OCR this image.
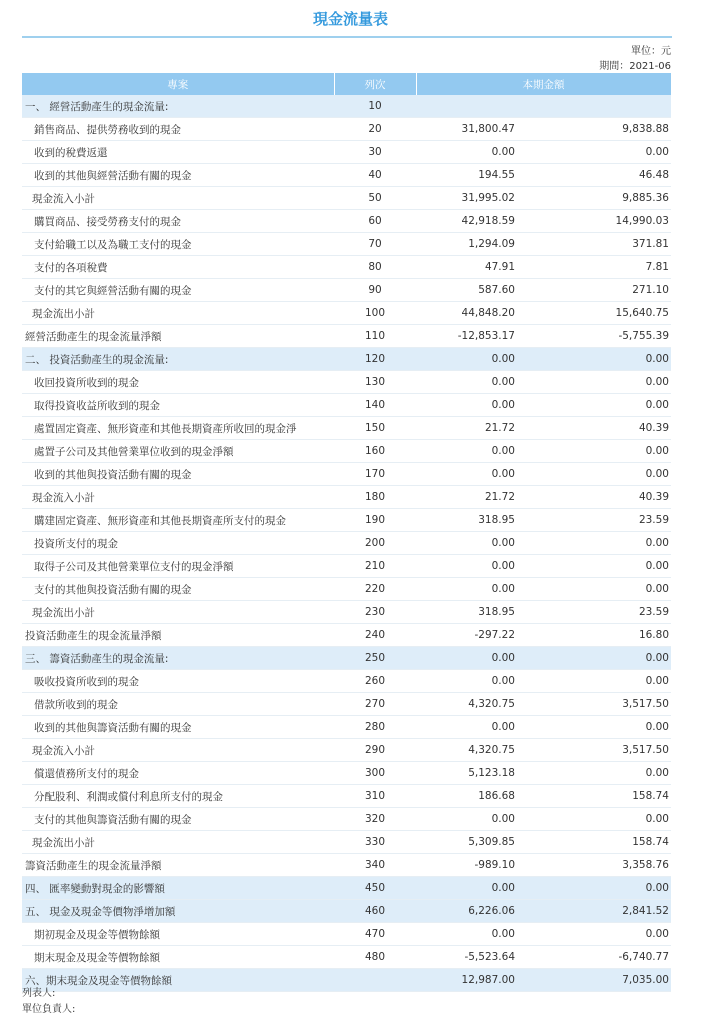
現金流量表
單位：元
期間：2021-06
專案	列次	本期金額	
一、 經營活動產生的現金流量:	10		
銷售商品、提供勞務收到的現金	20	31,800.47	9,838.88
收到的稅費返還	30	0.00	0.00
收到的其他與經營活動有關的現金	40	194.55	46.48
現金流入小計	50	31,995.02	9,885.36
購買商品、接受勞務支付的現金	60	42,918.59	14,990.03
支付給職工以及為職工支付的現金	70	1,294.09	371.81
支付的各項稅費	80	47.91	7.81
支付的其它與經營活動有關的現金	90	587.60	271.10
現金流出小計	100	44,848.20	15,640.75
經營活動產生的現金流量淨額	110	-12,853.17	-5,755.39
二、 投資活動產生的現金流量:	120	0.00	0.00
收回投資所收到的現金	130	0.00	0.00
取得投資收益所收到的現金	140	0.00	0.00
處置固定資產、無形資產和其他長期資產所收回的現金淨	150	21.72	40.39
處置子公司及其他營業單位收到的現金淨額	160	0.00	0.00
收到的其他與投資活動有關的現金	170	0.00	0.00
現金流入小計	180	21.72	40.39
購建固定資產、無形資產和其他長期資產所支付的現金	190	318.95	23.59
投資所支付的現金	200	0.00	0.00
取得子公司及其他營業單位支付的現金淨額	210	0.00	0.00
支付的其他與投資活動有關的現金	220	0.00	0.00
現金流出小計	230	318.95	23.59
投資活動產生的現金流量淨額	240	-297.22	16.80
三、 籌資活動產生的現金流量:	250	0.00	0.00
吸收投資所收到的現金	260	0.00	0.00
借款所收到的現金	270	4,320.75	3,517.50
收到的其他與籌資活動有關的現金	280	0.00	0.00
現金流入小計	290	4,320.75	3,517.50
償還債務所支付的現金	300	5,123.18	0.00
分配股利、利潤或償付利息所支付的現金	310	186.68	158.74
支付的其他與籌資活動有關的現金	320	0.00	0.00
現金流出小計	330	5,309.85	158.74
籌資活動產生的現金流量淨額	340	-989.10	3,358.76
四、 匯率變動對現金的影響額	450	0.00	0.00
五、 現金及現金等價物淨增加額	460	6,226.06	2,841.52
期初現金及現金等價物餘額	470	0.00	0.00
期末現金及現金等價物餘額	480	-5,523.64	-6,740.77
六、期末現金及現金等價物餘額		12,987.00	7,035.00
列表人:
單位負責人:
